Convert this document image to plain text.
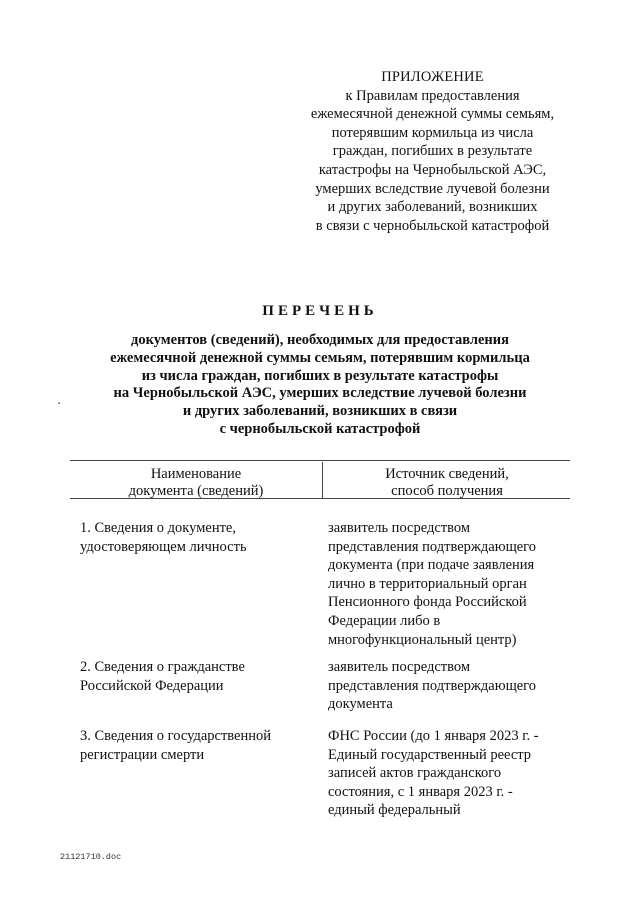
ПРИЛОЖЕНИЕ
к Правилам предоставления
ежемесячной денежной суммы семьям,
потерявшим кормильца из числа
граждан, погибших в результате
катастрофы на Чернобыльской АЭС,
умерших вследствие лучевой болезни
и других заболеваний, возникших
в связи с чернобыльской катастрофой
ПЕРЕЧЕНЬ
документов (сведений), необходимых для предоставления
ежемесячной денежной суммы семьям, потерявшим кормильца
из числа граждан, погибших в результате катастрофы
на Чернобыльской АЭС, умерших вследствие лучевой болезни
и других заболеваний, возникших в связи
с чернобыльской катастрофой
Наименование
документа (сведений)
Источник сведений,
способ получения
1. Сведения о документе,
удостоверяющем личность
заявитель посредством
представления подтверждающего
документа (при подаче заявления
лично в территориальный орган
Пенсионного фонда Российской
Федерации либо в
многофункциональный центр)
2. Сведения о гражданстве
Российской Федерации
заявитель посредством
представления подтверждающего
документа
3. Сведения о государственной
регистрации смерти
ФНС России (до 1 января 2023 г. -
Единый государственный реестр
записей актов гражданского
состояния, с 1 января 2023 г. -
единый федеральный
21121710.doc
